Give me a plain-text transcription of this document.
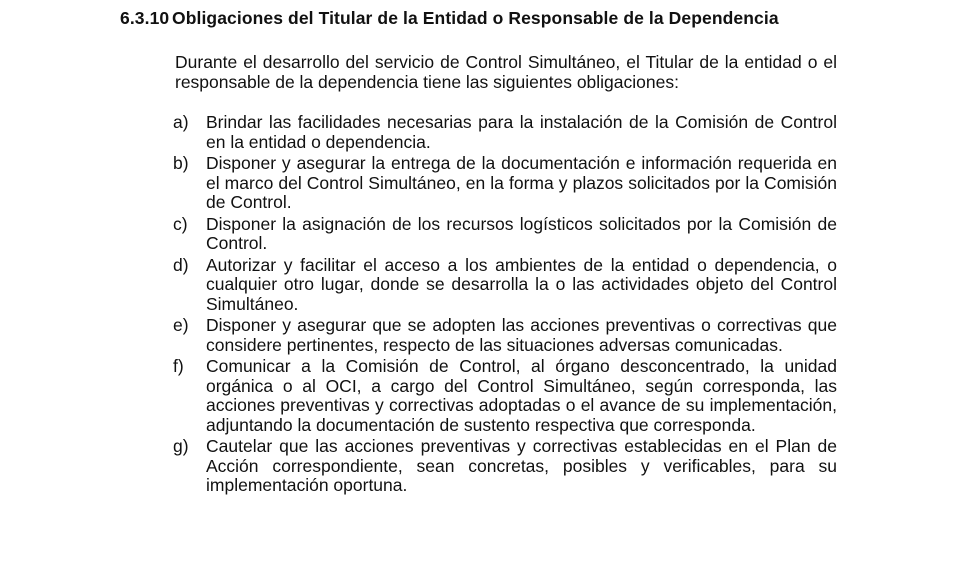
6.3.10 Obligaciones del Titular de la Entidad o Responsable de la Dependencia

Durante el desarrollo del servicio de Control Simultáneo, el Titular de la entidad o el responsable de la dependencia tiene las siguientes obligaciones:

a) Brindar las facilidades necesarias para la instalación de la Comisión de Control en la entidad o dependencia.
b) Disponer y asegurar la entrega de la documentación e información requerida en el marco del Control Simultáneo, en la forma y plazos solicitados por la Comisión de Control.
c)	Disponer la asignación de los recursos logísticos solicitados por la Comisión de Control.
d) Autorizar y facilitar el acceso a los ambientes de la entidad o dependencia, o cualquier otro lugar, donde se desarrolla la o las actividades objeto del Control Simultáneo.
e) Disponer y asegurar que se adopten las acciones preventivas o correctivas que considere pertinentes, respecto de las situaciones adversas comunicadas.
f)	Comunicar a la Comisión de Control, al órgano desconcentrado, la unidad orgánica o al OCI, a cargo del Control Simultáneo, según corresponda, las acciones preventivas y correctivas adoptadas o el avance de su implementación, adjuntando la documentación de sustento respectiva que corresponda.
g) Cautelar que las acciones preventivas y correctivas establecidas en el Plan de Acción correspondiente, sean concretas, posibles y verificables, para su implementación oportuna.
